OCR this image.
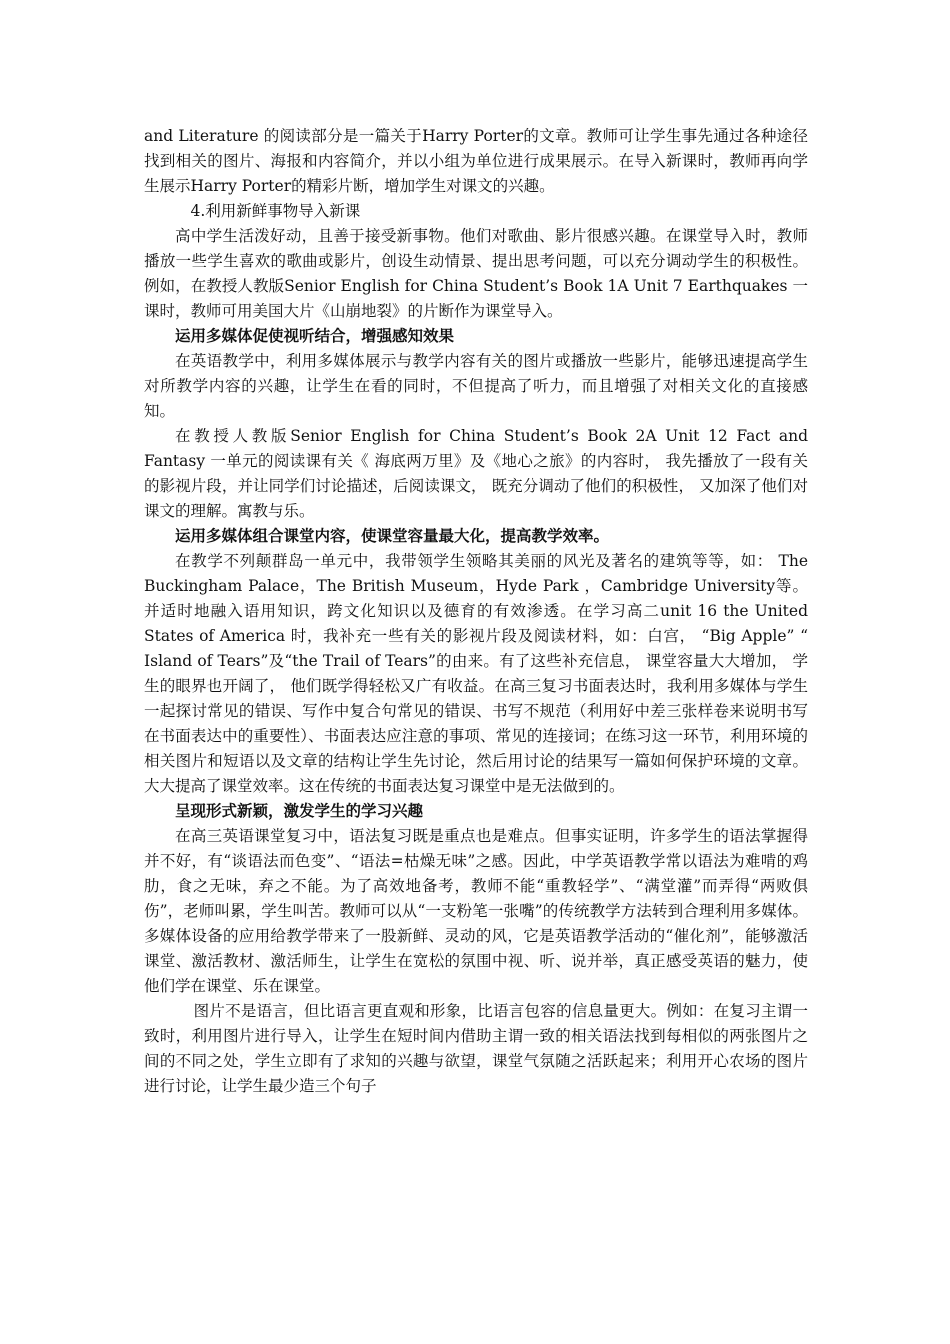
and Literature 的阅读部分是一篇关于Harry Porter的文章。教师可让学生事先通过各种途径找到相关的图片、海报和内容简介，并以小组为单位进行成果展示。在导入新课时，教师再向学生展示Harry Porter的精彩片断，增加学生对课文的兴趣。

4.利用新鲜事物导入新课

高中学生活泼好动，且善于接受新事物。他们对歌曲、影片很感兴趣。在课堂导入时，教师播放一些学生喜欢的歌曲或影片，创设生动情景、提出思考问题，可以充分调动学生的积极性。例如，在教授人教版Senior English for China Student’s Book 1A Unit 7 Earthquakes 一课时，教师可用美国大片《山崩地裂》的片断作为课堂导入。

运用多媒体促使视听结合，增强感知效果

在英语教学中，利用多媒体展示与教学内容有关的图片或播放一些影片，能够迅速提高学生对所教学内容的兴趣，让学生在看的同时，不但提高了听力，而且增强了对相关文化的直接感知。

在教授人教版Senior English for China Student’s Book 2A Unit 12 Fact and Fantasy 一单元的阅读课有关《 海底两万里》及《地心之旅》的内容时， 我先播放了一段有关的影视片段，并让同学们讨论描述，后阅读课文， 既充分调动了他们的积极性， 又加深了他们对课文的理解。寓教与乐。

运用多媒体组合课堂内容，使课堂容量最大化，提高教学效率。

在教学不列颠群岛一单元中，我带领学生领略其美丽的风光及著名的建筑等等，如： The Buckingham Palace，The British Museum，Hyde Park ，Cambridge University等。并适时地融入语用知识，跨文化知识以及德育的有效渗透。在学习高二unit 16 the United States of America 时，我补充一些有关的影视片段及阅读材料，如：白宫， “Big Apple” “ Island of Tears”及“the Trail of Tears”的由来。有了这些补充信息， 课堂容量大大增加， 学生的眼界也开阔了， 他们既学得轻松又广有收益。在高三复习书面表达时，我利用多媒体与学生一起探讨常见的错误、写作中复合句常见的错误、书写不规范（利用好中差三张样卷来说明书写在书面表达中的重要性）、书面表达应注意的事项、常见的连接词；在练习这一环节，利用环境的相关图片和短语以及文章的结构让学生先讨论，然后用讨论的结果写一篇如何保护环境的文章。大大提高了课堂效率。这在传统的书面表达复习课堂中是无法做到的。

呈现形式新颖，激发学生的学习兴趣

在高三英语课堂复习中，语法复习既是重点也是难点。但事实证明，许多学生的语法掌握得并不好，有“谈语法而色变”、“语法=枯燥无味”之感。因此，中学英语教学常以语法为难啃的鸡肋，食之无味，弃之不能。为了高效地备考，教师不能“重教轻学”、“满堂灌”而弄得“两败俱伤”，老师叫累，学生叫苦。教师可以从“一支粉笔一张嘴”的传统教学方法转到合理利用多媒体。多媒体设备的应用给教学带来了一股新鲜、灵动的风，它是英语教学活动的“催化剂”，能够激活课堂、激活教材、激活师生，让学生在宽松的氛围中视、听、说并举，真正感受英语的魅力，使他们学在课堂、乐在课堂。

图片不是语言，但比语言更直观和形象，比语言包容的信息量更大。例如：在复习主谓一致时，利用图片进行导入，让学生在短时间内借助主谓一致的相关语法找到每相似的两张图片之间的不同之处，学生立即有了求知的兴趣与欲望，课堂气氛随之活跃起来；利用开心农场的图片进行讨论，让学生最少造三个句子
